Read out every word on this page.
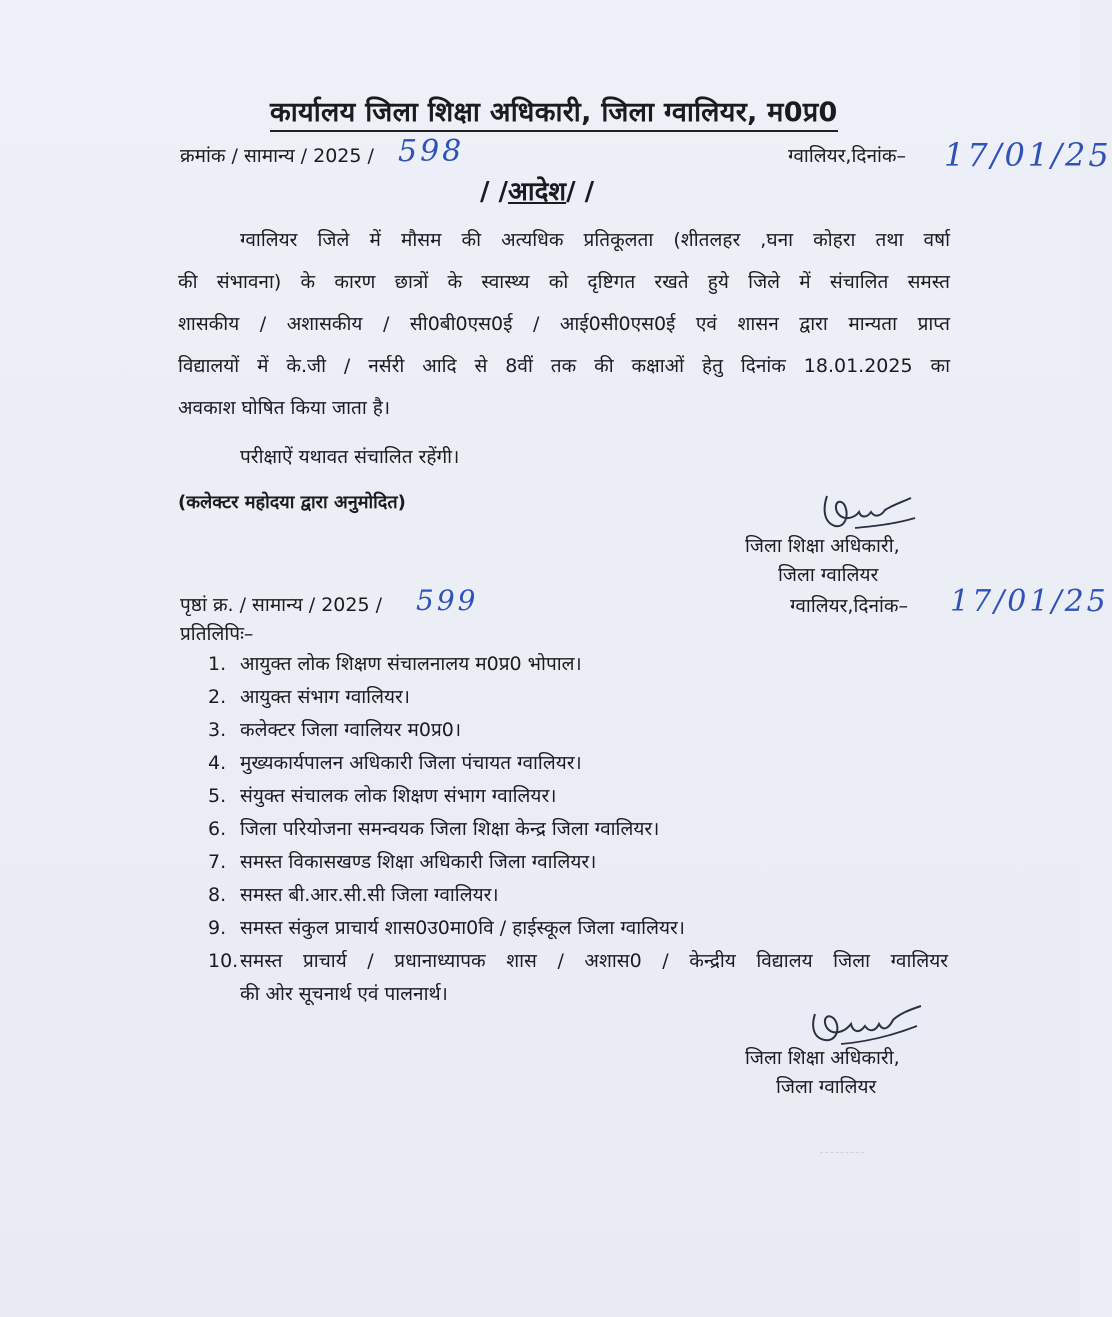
कार्यालय जिला शिक्षा अधिकारी, जिला ग्वालियर, म0प्र0
क्रमांक / सामान्य / 2025 / 598	ग्वालियर,दिनांक– 17/01/25
/ /आदेश/ /
ग्वालियर जिले में मौसम की अत्यधिक प्रतिकूलता (शीतलहर ,घना कोहरा तथा वर्षा
की संभावना) के कारण छात्रों के स्वास्थ्य को दृष्टिगत रखते हुये जिले में संचालित समस्त
शासकीय / अशासकीय / सी0बी0एस0ई / आई0सी0एस0ई एवं शासन द्वारा मान्यता प्राप्त
विद्यालयों में के.जी / नर्सरी आदि से 8वीं तक की कक्षाओं हेतु दिनांक 18.01.2025 का
अवकाश घोषित किया जाता है।
परीक्षाऐं यथावत संचालित रहेंगी।
(कलेक्टर महोदया द्वारा अनुमोदित)
जिला शिक्षा अधिकारी,
जिला ग्वालियर
पृष्ठां क्र. / सामान्य / 2025 / 599	ग्वालियर,दिनांक– 17/01/25
प्रतिलिपिः–
1. आयुक्त लोक शिक्षण संचालनालय म0प्र0 भोपाल।
2. आयुक्त संभाग ग्वालियर।
3. कलेक्टर जिला ग्वालियर म0प्र0।
4. मुख्यकार्यपालन अधिकारी जिला पंचायत ग्वालियर।
5. संयुक्त संचालक लोक शिक्षण संभाग ग्वालियर।
6. जिला परियोजना समन्वयक जिला शिक्षा केन्द्र जिला ग्वालियर।
7. समस्त विकासखण्ड शिक्षा अधिकारी जिला ग्वालियर।
8. समस्त बी.आर.सी.सी जिला ग्वालियर।
9. समस्त संकुल प्राचार्य शास0उ0मा0वि / हाईस्कूल जिला ग्वालियर।
10. समस्त प्राचार्य / प्रधानाध्यापक शास / अशास0 / केन्द्रीय विद्यालय जिला ग्वालियर
की ओर सूचनार्थ एवं पालनार्थ।
जिला शिक्षा अधिकारी,
जिला ग्वालियर
